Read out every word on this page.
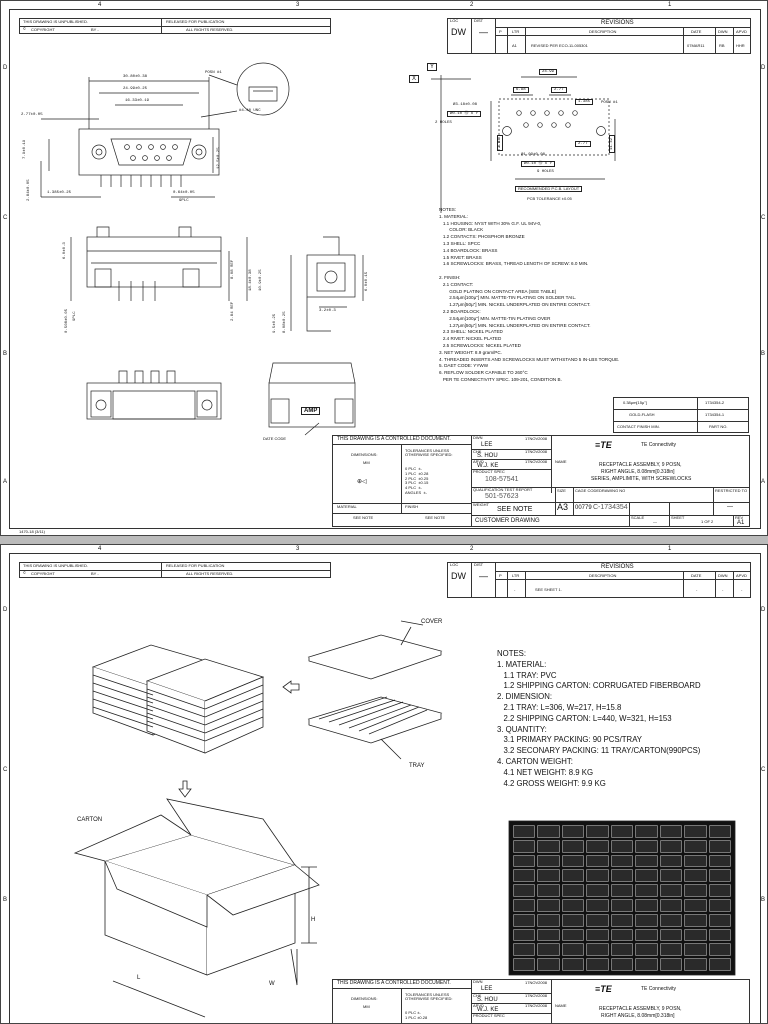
4	3	2	1
D
C
B
A
D
C
B
A
THIS DRAWING IS UNPUBLISHED.
COPYRIGHT	BY -
RELEASED FOR PUBLICATION
ALL RIGHTS RESERVED.
©
LOC	DIST
DW —
REVISIONS
P	LTR	DESCRIPTION	DATE	DWN APVD
A1	REVISED PER ECO-11-005301	07MAR11	RB	HHR
30.80±0.38
24.99±0.25
16.33±0.19
2.77±0.05
POSN #1
#4-40 UNC
7.9±0.19	12.5±0.25
2.84±0.05	1.385±0.25	0.64±0.05
9PLC
6.0±0.3
8.08 REF	18.4±0.38
2.84 REF
0.508±0.05 9PLC
10.9±0.25
9.5±0.25 8.08±0.25
6.0±0.15
3.2±0.3
AMP
DATE CODE
X
Y
24.99
6.98	2.77
1.385	POSN #1
Ø3.18±0.08
Ø0.10 Ⓜ X Y
2 HOLES
Ø1.09±0.08
Ø0.10 Ⓜ X Y
9 HOLES
2.84	2.77	11.42
RECOMMENDED P.C.B. LAYOUT
PCB TOLERANCE ±0.05
NOTES:
1. MATERIAL:
1.1 HOUSING: NYST WITH 30% G.F. UL 94V-0,
COLOR: BLACK
1.2 CONTACTS: PHOSPHOR BRONZE
1.3 SHELL: SPCC
1.4 BOARDLOCK: BRASS
1.5 RIVET: BRASS
1.6 SCREWLOCKS: BRASS, THREAD LENGTH OF SCREW: 6.0 MIN.

2. FINISH:
2.1 CONTACT:
GOLD PLATING ON CONTACT AREA (SEE TABLE)
2.54μm[100μ"] MIN. MATTE-TIN PLATING ON SOLDER TAIL.
1.27μm[50μ"] MIN. NICKEL UNDERPLATED ON ENTIRE CONTACT.
2.2 BOARDLOCK:
2.54μm[100μ"] MIN. MATTE-TIN PLATING OVER
1.27μm[50μ"] MIN. NICKEL UNDERPLATED ON ENTIRE CONTACT.
2.3 SHELL: NICKEL PLATED
2.4 RIVET: NICKEL PLATED
2.5 SCREWLOCKS: NICKEL PLATED
3. NET WEIGHT: 8.9 gram/PC.
4. THREADED INSERTS AND SCREWLOCKS MUST WITHSTAND 5 IN-LBS TORQUE.
5. DAET CODE: YYWW
6. REFLOW SOLDER CAPABLE TO 260°C
PER TE CONNECTIVITY SPEC. 109-201, CONDITION B.
0.38μm[15μ"]	1734354-2
GOLD-FLASH	1734354-1
CONTACT FINISH MIN.	PART NO.
THIS DRAWING IS A CONTROLLED DOCUMENT.
DIMENSIONS:
MM
TOLERANCES UNLESS OTHERWISE SPECIFIED:
0 PLC  ±-
1 PLC  ±0.28
2 PLC  ±0.25
3 PLC  ±0.15
4 PLC  ±-
ANGLES  ±-
⊕◁
MATERIAL
SEE NOTE
FINISH
SEE NOTE
DWN
LEE
17NOV2008
CHK
S. HOU
17NOV2008
APVD
W.J. KE
17NOV2008
PRODUCT SPEC
108-57541
QUALIFICATION TEST REPORT
501-57623
WEIGHT
SEE NOTE
CUSTOMER DRAWING
≡TE	TE Connectivity
NAME
RECEPTACLE ASSEMBLY, 9 POSN,
RIGHT ANGLE, 8.08mm[0.318in]
SERIES, AMPLIMITE, WITH SCREWLOCKS
SIZE CAGE CODE DRAWING NO	RESTRICTED TO
A3 00779 C-1734354	—
SCALE
—
SHEET
1 OF 2
REV
A1
1470-18 (3/11)
4	3	2	1
D
C
B
D
C
B
THIS DRAWING IS UNPUBLISHED.
© COPYRIGHT	BY -
RELEASED FOR PUBLICATION
ALL RIGHTS RESERVED.
LOC	DIST
DW —
REVISIONS
P	LTR	DESCRIPTION	DATE	DWN APVD
-	SEE SHEET 1.	-	-	-
COVER
TRAY
CARTON
H
L
W
NOTES:
1. MATERIAL:
1.1 TRAY: PVC
1.2 SHIPPING CARTON: CORRUGATED FIBERBOARD
2. DIMENSION:
2.1 TRAY: L=306, W=217, H=15.8
2.2 SHIPPING CARTON: L=440, W=321, H=153
3. QUANTITY:
3.1 PRIMARY PACKING: 90 PCS/TRAY
3.2 SECONARY PACKING: 11 TRAY/CARTON(990PCS)
4. CARTON WEIGHT:
4.1 NET WEIGHT: 8.9 KG
4.2 GROSS WEIGHT: 9.9 KG
THIS DRAWING IS A CONTROLLED DOCUMENT.
DIMENSIONS:
MM
TOLERANCES UNLESS OTHERWISE SPECIFIED:
0 PLC ±-
1 PLC ±0.28
DWN
LEE
17NOV2008
CHK
S. HOU
17NOV2008
APVD
W.J. KE
17NOV2008
PRODUCT SPEC
≡TE	TE Connectivity
NAME
RECEPTACLE ASSEMBLY, 9 POSN,
RIGHT ANGLE, 8.08mm[0.318in]
